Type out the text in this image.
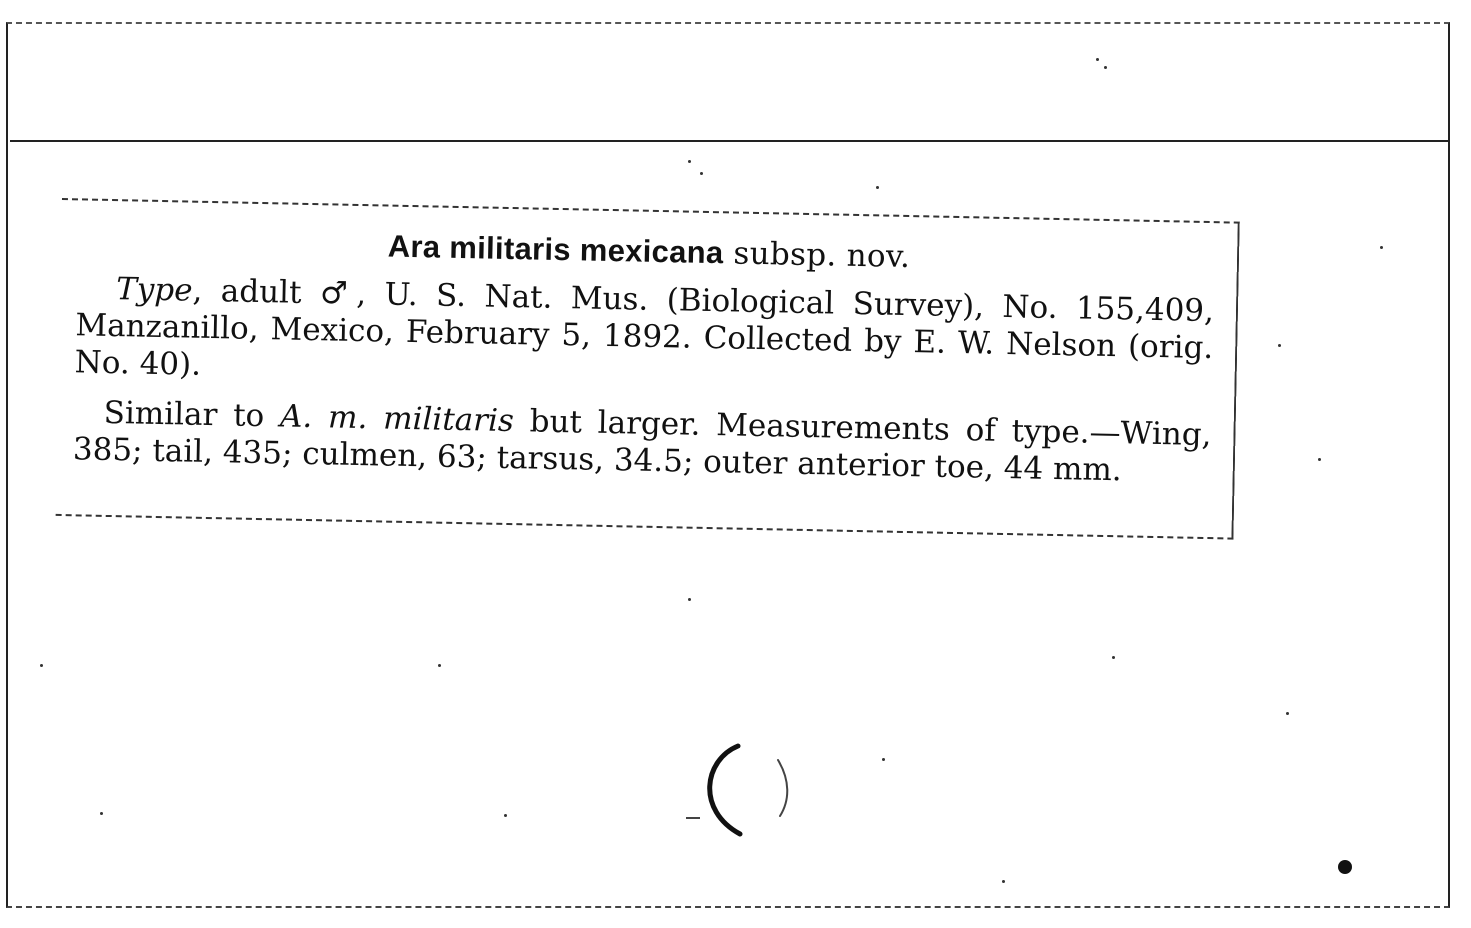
Ara militaris mexicana subsp. nov.
Type, adult ♂, U. S. Nat. Mus. (Biological Survey), No. 155,409, Manzanillo, Mexico, February 5, 1892. Collected by E. W. Nelson (orig. No. 40).
Similar to A. m. militaris but larger. Measurements of type.—Wing, 385; tail, 435; culmen, 63; tarsus, 34.5; outer anterior toe, 44 mm.
